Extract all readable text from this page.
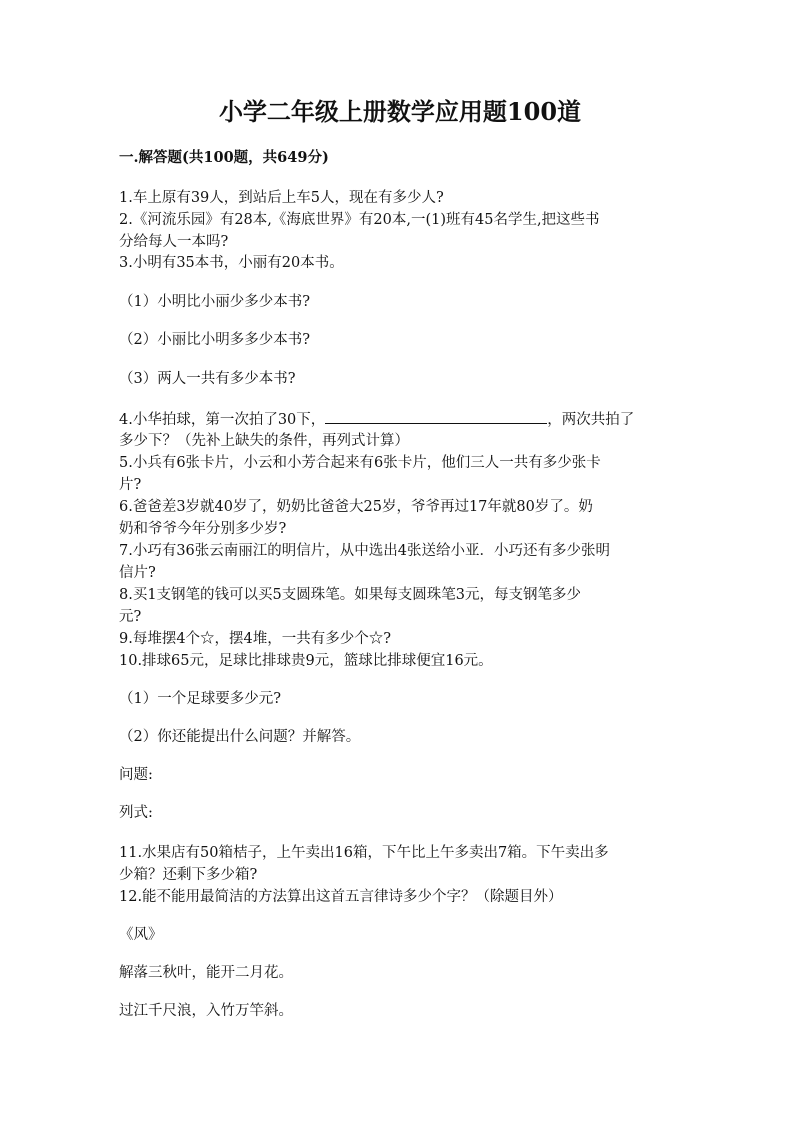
小学二年级上册数学应用题100道
一.解答题(共100题，共649分)
1.车上原有39人，到站后上车5人，现在有多少人?
2.《河流乐园》有28本,《海底世界》有20本,一(1)班有45名学生,把这些书
分给每人一本吗?
3.小明有35本书，小丽有20本书。
（1）小明比小丽少多少本书?
（2）小丽比小明多多少本书?
（3）两人一共有多少本书?
4.小华拍球，第一次拍了30下，	，两次共拍了
多少下？（先补上缺失的条件，再列式计算）
5.小兵有6张卡片，小云和小芳合起来有6张卡片，他们三人一共有多少张卡
片?
6.爸爸差3岁就40岁了，奶奶比爸爸大25岁，爷爷再过17年就80岁了。奶
奶和爷爷今年分别多少岁?
7.小巧有36张云南丽江的明信片，从中选出4张送给小亚．小巧还有多少张明
信片?
8.买1支钢笔的钱可以买5支圆珠笔。如果每支圆珠笔3元，每支钢笔多少
元?
9.每堆摆4个☆，摆4堆，一共有多少个☆?
10.排球65元，足球比排球贵9元，篮球比排球便宜16元。
（1）一个足球要多少元?
（2）你还能提出什么问题？并解答。
问题:
列式:
11.水果店有50箱桔子，上午卖出16箱，下午比上午多卖出7箱。下午卖出多
少箱？还剩下多少箱?
12.能不能用最简洁的方法算出这首五言律诗多少个字？（除题目外）
《风》
解落三秋叶，能开二月花。
过江千尺浪，入竹万竿斜。
